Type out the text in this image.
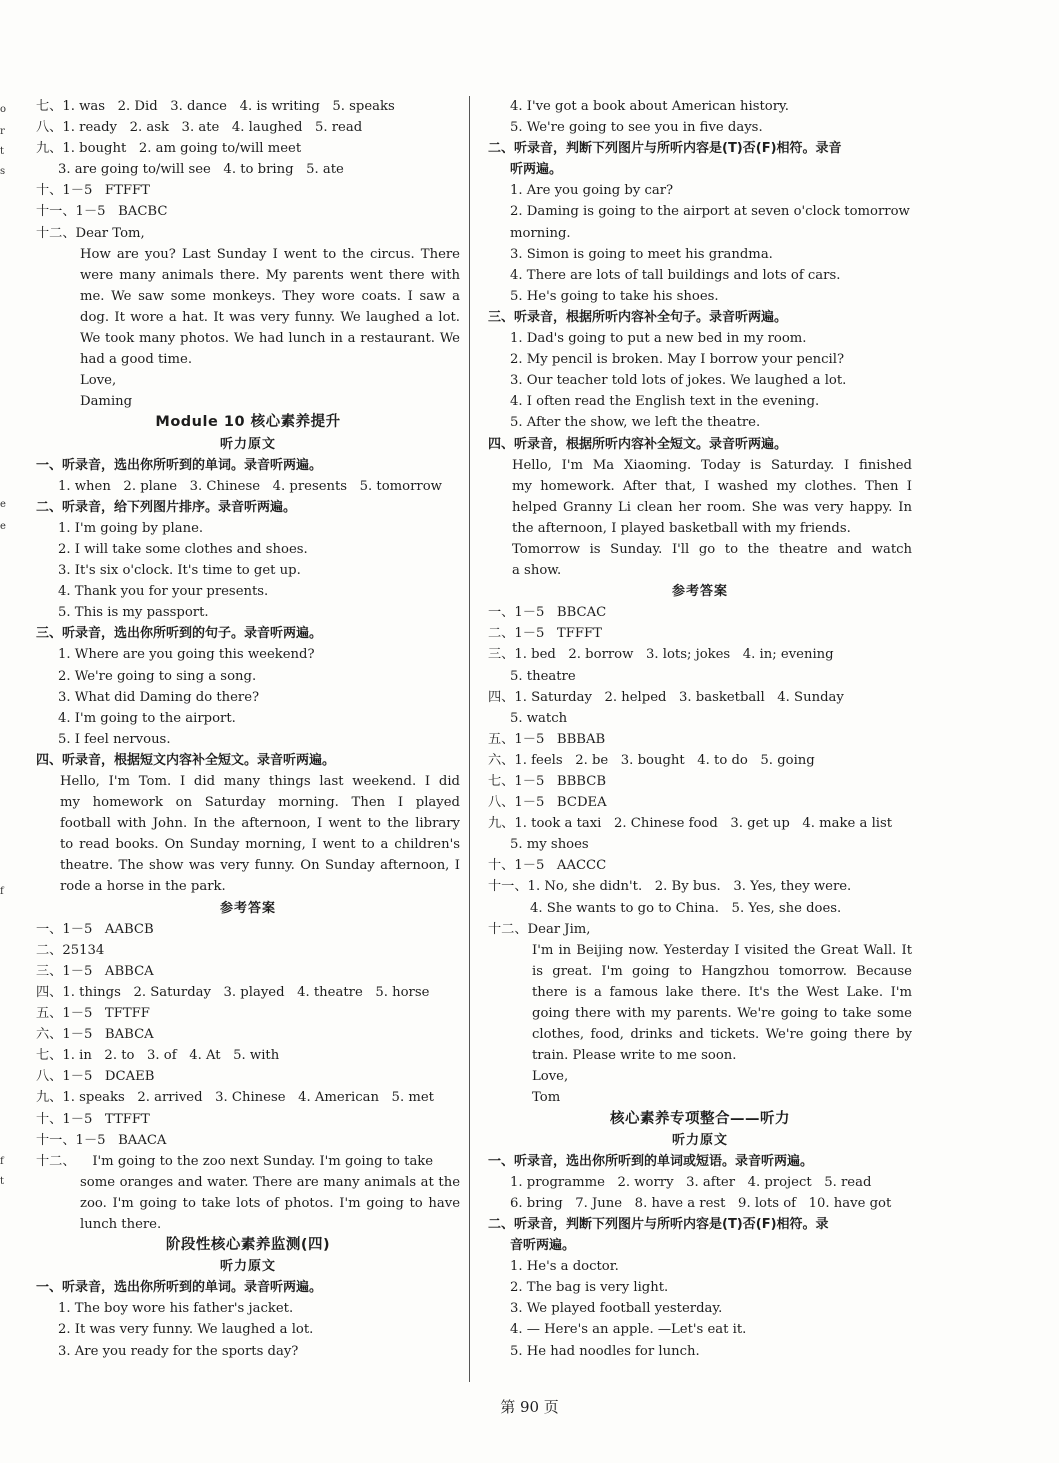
七、1. was   2. Did   3. dance   4. is writing   5. speaks
八、1. ready   2. ask   3. ate   4. laughed   5. read
九、1. bought   2. am going to/will meet
3. are going to/will see   4. to bring   5. ate
十、1－5   FTFFT
十一、1－5   BACBC
十二、Dear Tom,
How are you? Last Sunday I went to the circus. There
were many animals there. My parents went there with
me. We saw some monkeys. They wore coats. I saw a
dog. It wore a hat. It was very funny. We laughed a lot.
We took many photos. We had lunch in a restaurant. We
had a good time.
Love,
Daming
Module 10 核心素养提升
听力原文
一、听录音，选出你所听到的单词。录音听两遍。
1. when   2. plane   3. Chinese   4. presents   5. tomorrow
二、听录音，给下列图片排序。录音听两遍。
1. I'm going by plane.
2. I will take some clothes and shoes.
3. It's six o'clock. It's time to get up.
4. Thank you for your presents.
5. This is my passport.
三、听录音，选出你所听到的句子。录音听两遍。
1. Where are you going this weekend?
2. We're going to sing a song.
3. What did Daming do there?
4. I'm going to the airport.
5. I feel nervous.
四、听录音，根据短文内容补全短文。录音听两遍。
Hello, I'm Tom. I did many things last weekend. I did
my homework on Saturday morning. Then I played
football with John. In the afternoon, I went to the library
to read books. On Sunday morning, I went to a children's
theatre. The show was very funny. On Sunday afternoon, I
rode a horse in the park.
参考答案
一、1－5   AABCB
二、25134
三、1－5   ABBCA
四、1. things   2. Saturday   3. played   4. theatre   5. horse
五、1－5   TFTFF
六、1－5   BABCA
七、1. in   2. to   3. of   4. At   5. with
八、1－5   DCAEB
九、1. speaks   2. arrived   3. Chinese   4. American   5. met
十、1－5   TTFFT
十一、1－5   BAACA
十二、    I'm going to the zoo next Sunday. I'm going to take
some oranges and water. There are many animals at the
zoo. I'm going to take lots of photos. I'm going to have
lunch there.
阶段性核心素养监测(四)
听力原文
一、听录音，选出你所听到的单词。录音听两遍。
1. The boy wore his father's jacket.
2. It was very funny. We laughed a lot.
3. Are you ready for the sports day?
4. I've got a book about American history.
5. We're going to see you in five days.
二、听录音，判断下列图片与所听内容是(T)否(F)相符。录音
听两遍。
1. Are you going by car?
2. Daming is going to the airport at seven o'clock tomorrow
morning.
3. Simon is going to meet his grandma.
4. There are lots of tall buildings and lots of cars.
5. He's going to take his shoes.
三、听录音，根据所听内容补全句子。录音听两遍。
1. Dad's going to put a new bed in my room.
2. My pencil is broken. May I borrow your pencil?
3. Our teacher told lots of jokes. We laughed a lot.
4. I often read the English text in the evening.
5. After the show, we left the theatre.
四、听录音，根据所听内容补全短文。录音听两遍。
Hello, I'm Ma Xiaoming. Today is Saturday. I finished
my homework. After that, I washed my clothes. Then I
helped Granny Li clean her room. She was very happy. In
the afternoon, I played basketball with my friends.
Tomorrow is Sunday. I'll go to the theatre and watch
a show.
参考答案
一、1－5   BBCAC
二、1－5   TFFFT
三、1. bed   2. borrow   3. lots; jokes   4. in; evening
5. theatre
四、1. Saturday   2. helped   3. basketball   4. Sunday
5. watch
五、1－5   BBBAB
六、1. feels   2. be   3. bought   4. to do   5. going
七、1－5   BBBCB
八、1－5   BCDEA
九、1. took a taxi   2. Chinese food   3. get up   4. make a list
5. my shoes
十、1－5   AACCC
十一、1. No, she didn't.   2. By bus.   3. Yes, they were.
4. She wants to go to China.   5. Yes, she does.
十二、Dear Jim,
I'm in Beijing now. Yesterday I visited the Great Wall. It
is great. I'm going to Hangzhou tomorrow. Because
there is a famous lake there. It's the West Lake. I'm
going there with my parents. We're going to take some
clothes, food, drinks and tickets. We're going there by
train. Please write to me soon.
Love,
Tom
核心素养专项整合——听力
听力原文
一、听录音，选出你所听到的单词或短语。录音听两遍。
1. programme   2. worry   3. after   4. project   5. read
6. bring   7. June   8. have a rest   9. lots of   10. have got
二、听录音，判断下列图片与所听内容是(T)否(F)相符。录
音听两遍。
1. He's a doctor.
2. The bag is very light.
3. We played football yesterday.
4. — Here's an apple. —Let's eat it.
5. He had noodles for lunch.
o
r
t
s
e
e
f
f
t
第 90 页
